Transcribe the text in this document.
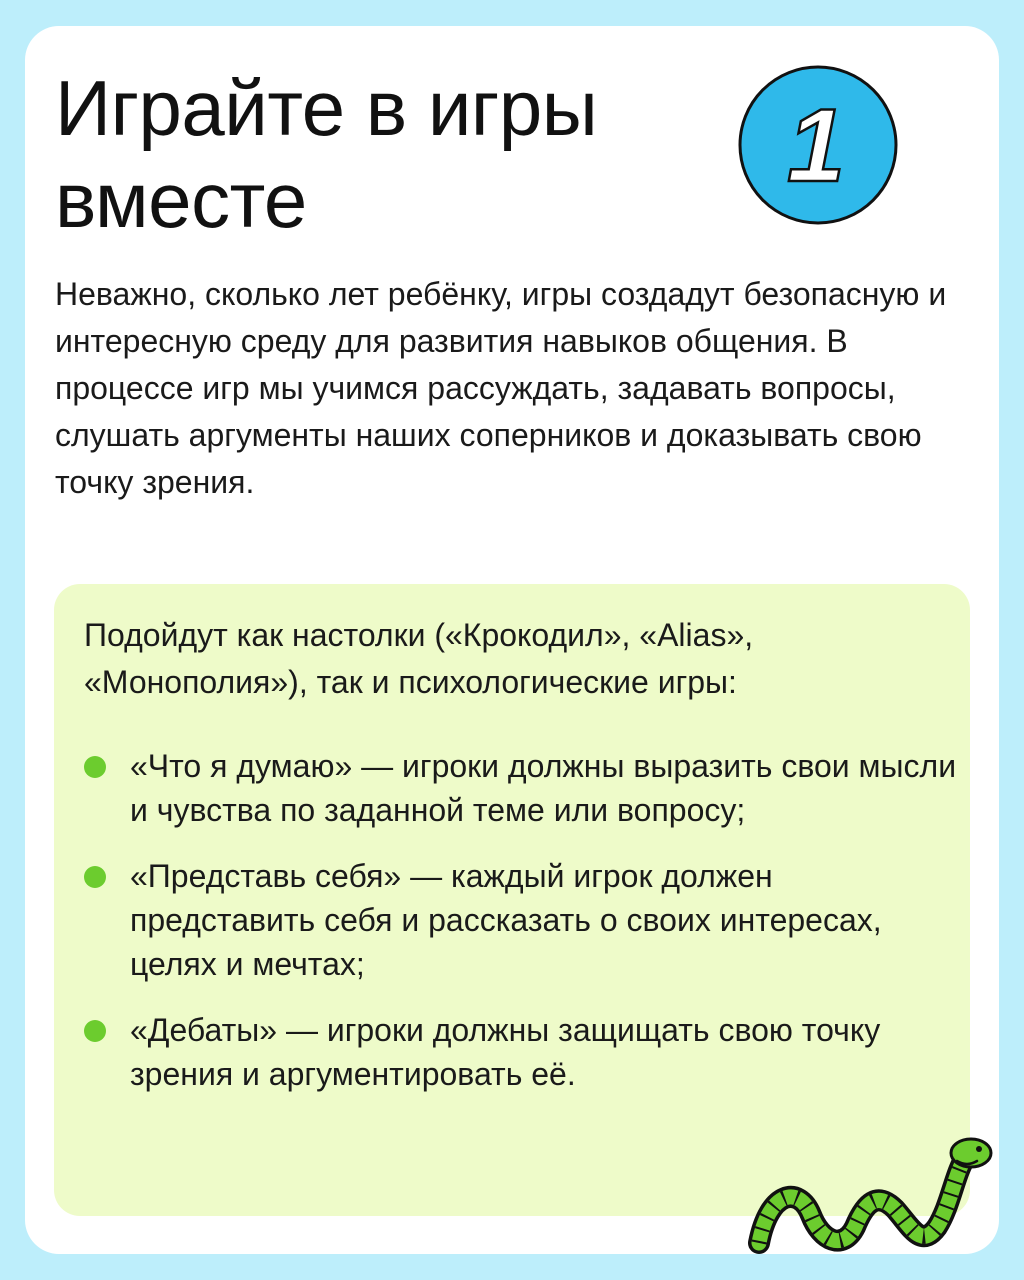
Играйте в игры
вместе	1

Неважно, сколько лет ребёнку, игры создадут безопасную и интересную среду для развития навыков общения. В процессе игр мы учимся рассуждать, задавать вопросы, слушать аргументы наших соперников и доказывать свою точку зрения.

Подойдут как настолки («Крокодил», «Alias», «Монополия»), так и психологические игры:

«Что я думаю» — игроки должны выразить свои мысли и чувства по заданной теме или вопросу;
«Представь себя» — каждый игрок должен представить себя и рассказать о своих интересах, целях и мечтах;
«Дебаты» — игроки должны защищать свою точку зрения и аргументировать её.
